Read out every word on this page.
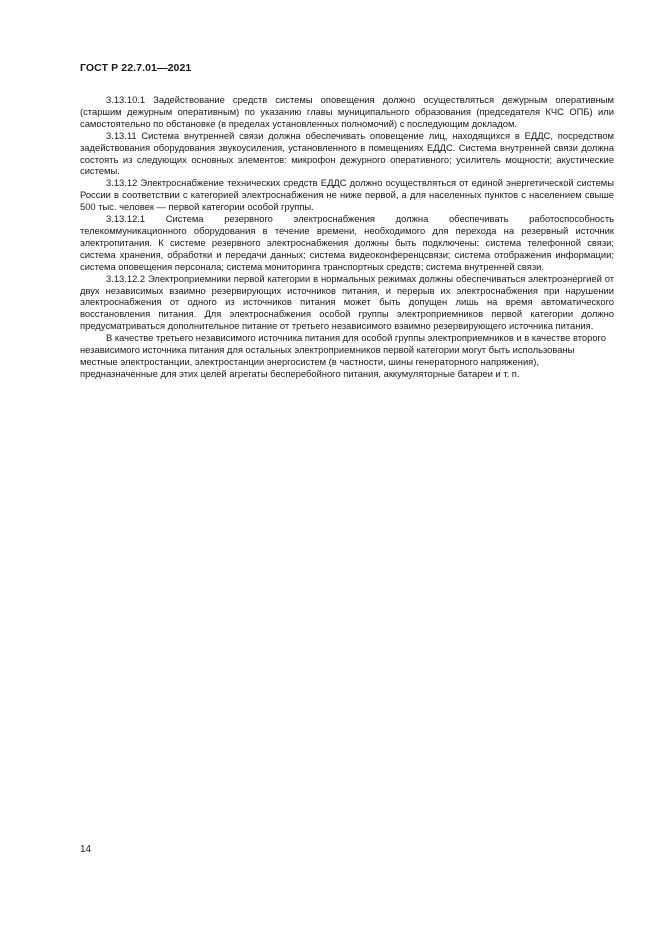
ГОСТ Р 22.7.01—2021

3.13.10.1 Задействование средств системы оповещения должно осуществляться дежурным оперативным (старшим дежурным оперативным) по указанию главы муниципального образования (председателя КЧС ОПБ) или самостоятельно по обстановке (в пределах установленных полномочий) с последующим докладом.

3.13.11 Система внутренней связи должна обеспечивать оповещение лиц, находящихся в ЕДДС, посредством задействования оборудования звукоусиления, установленного в помещениях ЕДДС. Система внутренней связи должна состоять из следующих основных элементов: микрофон дежурного оперативного; усилитель мощности; акустические системы.

3.13.12 Электроснабжение технических средств ЕДДС должно осуществляться от единой энергетической системы России в соответствии с категорией электроснабжения не ниже первой, а для населенных пунктов с населением свыше 500 тыс. человек — первой категории особой группы.

3.13.12.1 Система резервного электроснабжения должна обеспечивать работоспособность телекоммуникационного оборудования в течение времени, необходимого для перехода на резервный источник электропитания. К системе резервного электроснабжения должны быть подключены: система телефонной связи; система хранения, обработки и передачи данных; система видеоконференцсвязи; система отображения информации; система оповещения персонала; система мониторинга транспортных средств; система внутренней связи.

3.13.12.2 Электроприемники первой категории в нормальных режимах должны обеспечиваться электроэнергией от двух независимых взаимно резервирующих источников питания, и перерыв их электроснабжения при нарушении электроснабжения от одного из источников питания может быть допущен лишь на время автоматического восстановления питания. Для электроснабжения особой группы электроприемников первой категории должно предусматриваться дополнительное питание от третьего независимого взаимно резервирующего источника питания.

В качестве третьего независимого источника питания для особой группы электроприемников и в качестве второго независимого источника питания для остальных электроприемников первой категории могут быть использованы местные электростанции, электростанции энергосистем (в частности, шины генераторного напряжения), предназначенные для этих целей агрегаты бесперебойного питания, аккумуляторные батареи и т. п.

14
